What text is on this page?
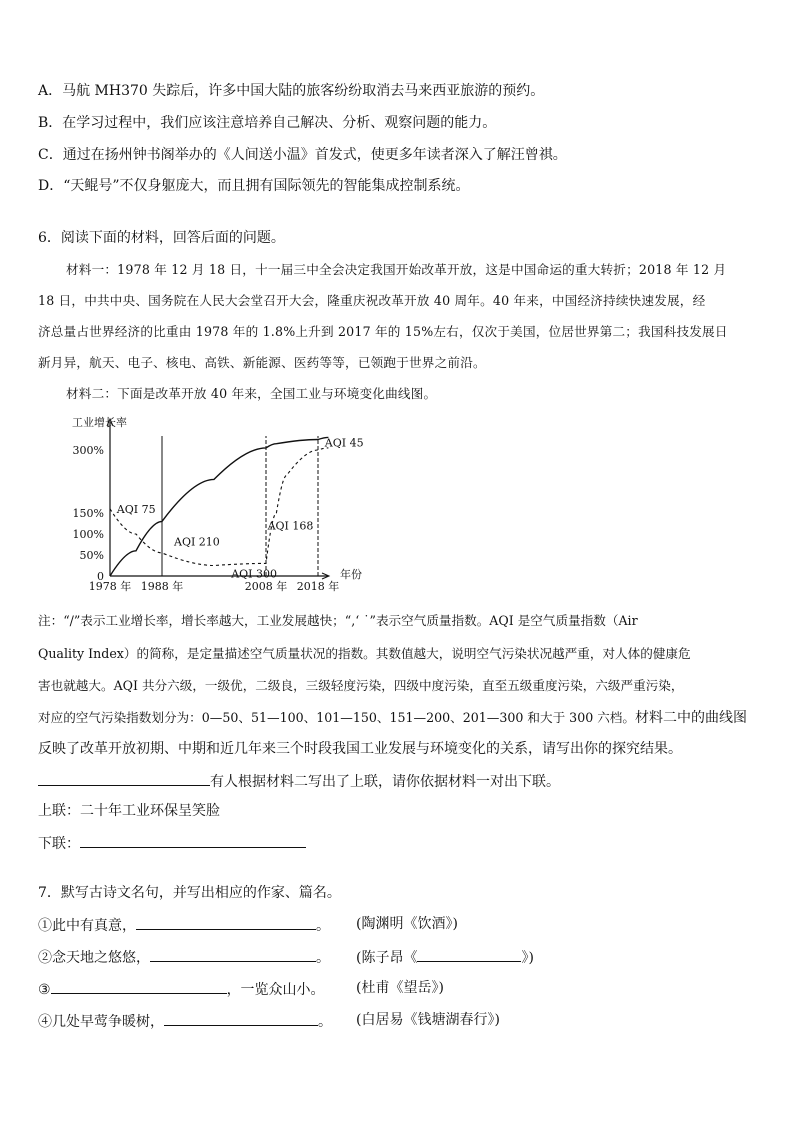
A．马航 MH370 失踪后，许多中国大陆的旅客纷纷取消去马来西亚旅游的预约。
B．在学习过程中，我们应该注意培养自己解决、分析、观察问题的能力。
C．通过在扬州钟书阁举办的《人间送小温》首发式，使更多年读者深入了解汪曾祺。
D．“天鲲号”不仅身躯庞大，而且拥有国际领先的智能集成控制系统。
6．阅读下面的材料，回答后面的问题。
材料一：1978 年 12 月 18 日，十一届三中全会决定我国开始改革开放，这是中国命运的重大转折；2018 年 12 月
18 日，中共中央、国务院在人民大会堂召开大会，隆重庆祝改革开放 40 周年。40 年来，中国经济持续快速发展，经
济总量占世界经济的比重由 1978 年的 1.8%上升到 2017 年的 15%左右，仅次于美国，位居世界第二；我国科技发展日
新月异，航天、电子、核电、高铁、新能源、医药等等，已领跑于世界之前沿。
材料二：下面是改革开放 40 年来，全国工业与环境变化曲线图。
工业增长率
年份
300%
150%
100%
50%
0
1978 年 1988 年	2008 年 2018 年
AQI 75
AQI 210
AQI 300
AQI 168
AQI 45
注：“/”表示工业增长率，增长率越大，工业发展越快；“,‘ ˙”表示空气质量指数。AQI 是空气质量指数（Air
Quality Index）的简称，是定量描述空气质量状况的指数。其数值越大，说明空气污染状况越严重，对人体的健康危
害也就越大。AQI 共分六级，一级优，二级良，三级轻度污染，四级中度污染，直至五级重度污染，六级严重污染，
对应的空气污染指数划分为：0—50、51—100、101—150、151—200、201—300 和大于 300 六档。材料二中的曲线图
反映了改革开放初期、中期和近几年来三个时段我国工业发展与环境变化的关系，请写出你的探究结果。
有人根据材料二写出了上联，请你依据材料一对出下联。
上联：二十年工业环保呈笑脸
下联：
7．默写古诗文名句，并写出相应的作家、篇名。
①此中有真意，	。 (陶渊明《饮酒》)
②念天地之悠悠，	。 (陈子昂《	》)
③	，一览众山小。 (杜甫《望岳》)
④几处早莺争暖树，	。 (白居易《钱塘湖春行》)
